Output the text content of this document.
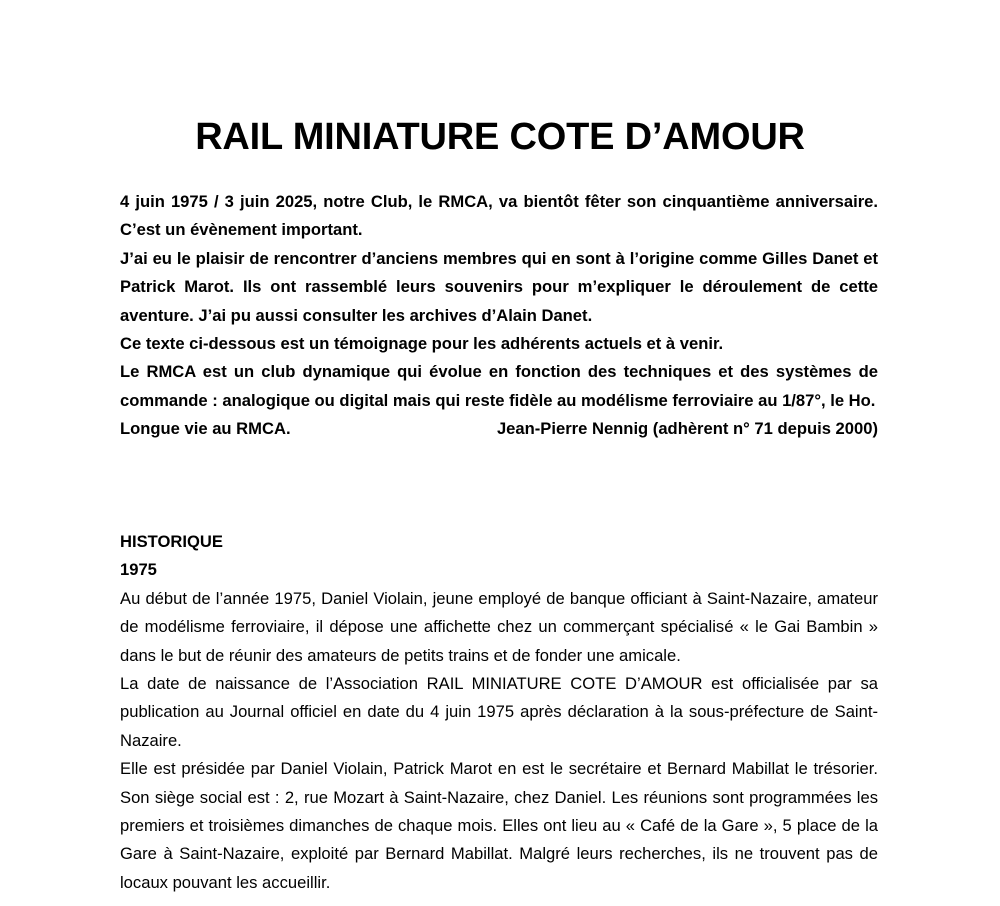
RAIL MINIATURE COTE D’AMOUR

4 juin 1975 / 3 juin 2025, notre Club, le RMCA, va bientôt fêter son cinquantième anniversaire. C’est un évènement important.

J’ai eu le plaisir de rencontrer d’anciens membres qui en sont à l’origine comme Gilles Danet et Patrick Marot. Ils ont rassemblé leurs souvenirs pour m’expliquer le déroulement de cette aventure. J’ai pu aussi consulter les archives d’Alain Danet.

Ce texte ci-dessous est un témoignage pour les adhérents actuels et à venir.

Le RMCA est un club dynamique qui évolue en fonction des techniques et des systèmes de commande : analogique ou digital mais qui reste fidèle au modélisme ferroviaire au 1/87°, le Ho.

Longue vie au RMCA.	Jean-Pierre Nennig (adhèrent n° 71 depuis 2000)
HISTORIQUE
1975

Au début de l’année 1975, Daniel Violain, jeune employé de banque officiant à Saint-Nazaire, amateur de modélisme ferroviaire, il dépose une affichette chez un commerçant spécialisé « le Gai Bambin » dans le but de réunir des amateurs de petits trains et de fonder une amicale.

La date de naissance de l’Association RAIL MINIATURE COTE D’AMOUR est officialisée par sa publication au Journal officiel en date du 4 juin 1975 après déclaration à la sous-préfecture de Saint-Nazaire.

Elle est présidée par Daniel Violain, Patrick Marot en est le secrétaire et Bernard Mabillat le trésorier. Son siège social est : 2, rue Mozart à Saint-Nazaire, chez Daniel. Les réunions sont programmées les premiers et troisièmes dimanches de chaque mois. Elles ont lieu au « Café de la Gare », 5 place de la Gare à Saint-Nazaire, exploité par Bernard Mabillat. Malgré leurs recherches, ils ne trouvent pas de locaux pouvant les accueillir.
